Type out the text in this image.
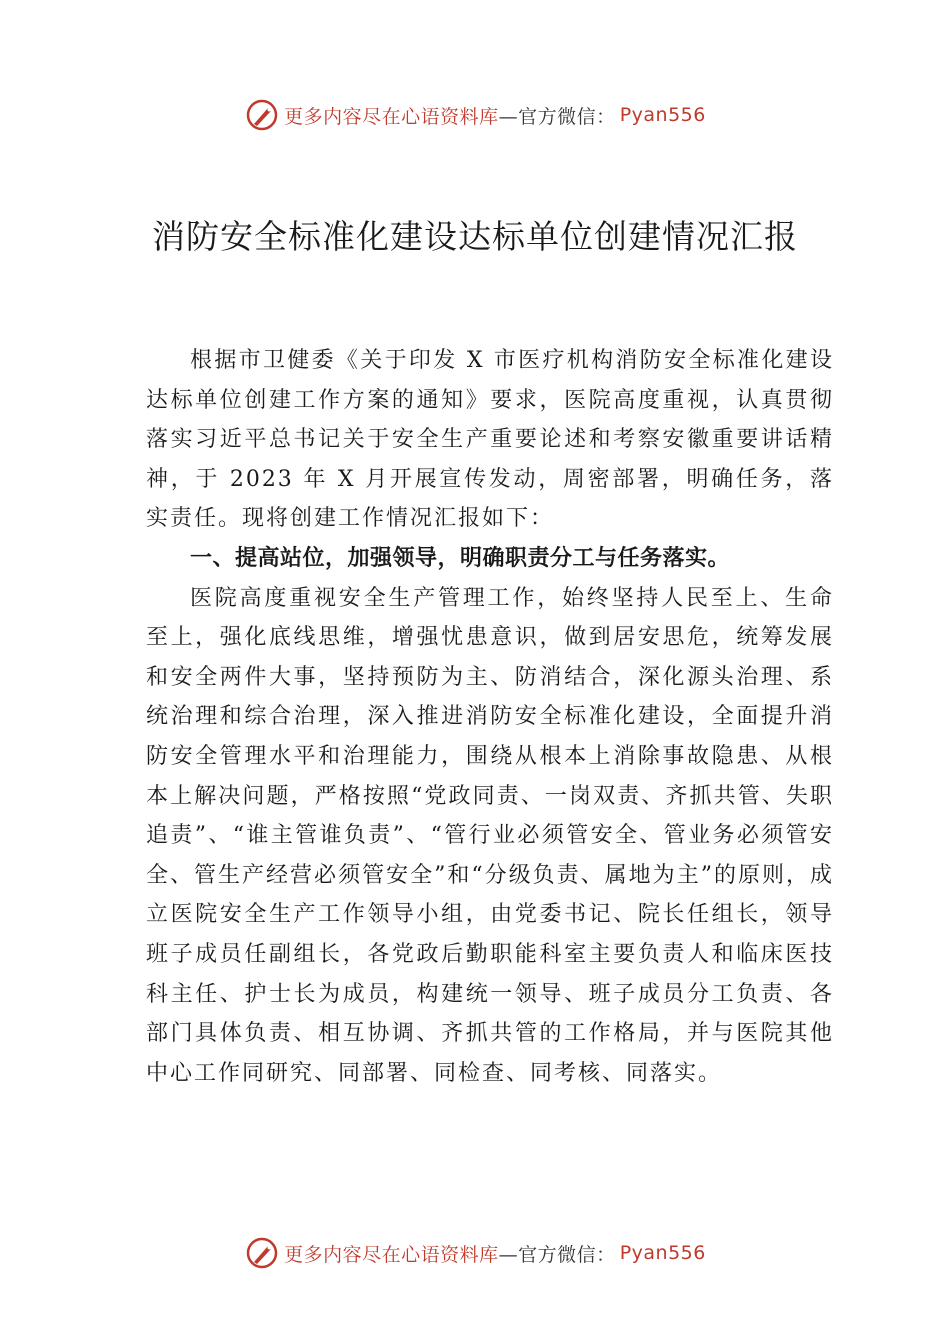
更多内容尽在心语资料库 —官方微信： Pyan556
消防安全标准化建设达标单位创建情况汇报

根据市卫健委《关于印发 X 市医疗机构消防安全标准化建设达标单位创建工作方案的通知》要求，医院高度重视，认真贯彻落实习近平总书记关于安全生产重要论述和考察安徽重要讲话精神，于 2023 年 X 月开展宣传发动，周密部署，明确任务，落实责任。现将创建工作情况汇报如下：

一、提高站位，加强领导，明确职责分工与任务落实。

医院高度重视安全生产管理工作，始终坚持人民至上、生命至上，强化底线思维，增强忧患意识，做到居安思危，统筹发展和安全两件大事，坚持预防为主、防消结合，深化源头治理、系统治理和综合治理，深入推进消防安全标准化建设，全面提升消防安全管理水平和治理能力，围绕从根本上消除事故隐患、从根本上解决问题，严格按照“党政同责、一岗双责、齐抓共管、失职追责”、“谁主管谁负责”、“管行业必须管安全、管业务必须管安全、管生产经营必须管安全”和“分级负责、属地为主”的原则，成立医院安全生产工作领导小组，由党委书记、院长任组长，领导班子成员任副组长，各党政后勤职能科室主要负责人和临床医技科主任、护士长为成员，构建统一领导、班子成员分工负责、各部门具体负责、相互协调、齐抓共管的工作格局，并与医院其他中心工作同研究、同部署、同检查、同考核、同落实。

更多内容尽在心语资料库 —官方微信： Pyan556
